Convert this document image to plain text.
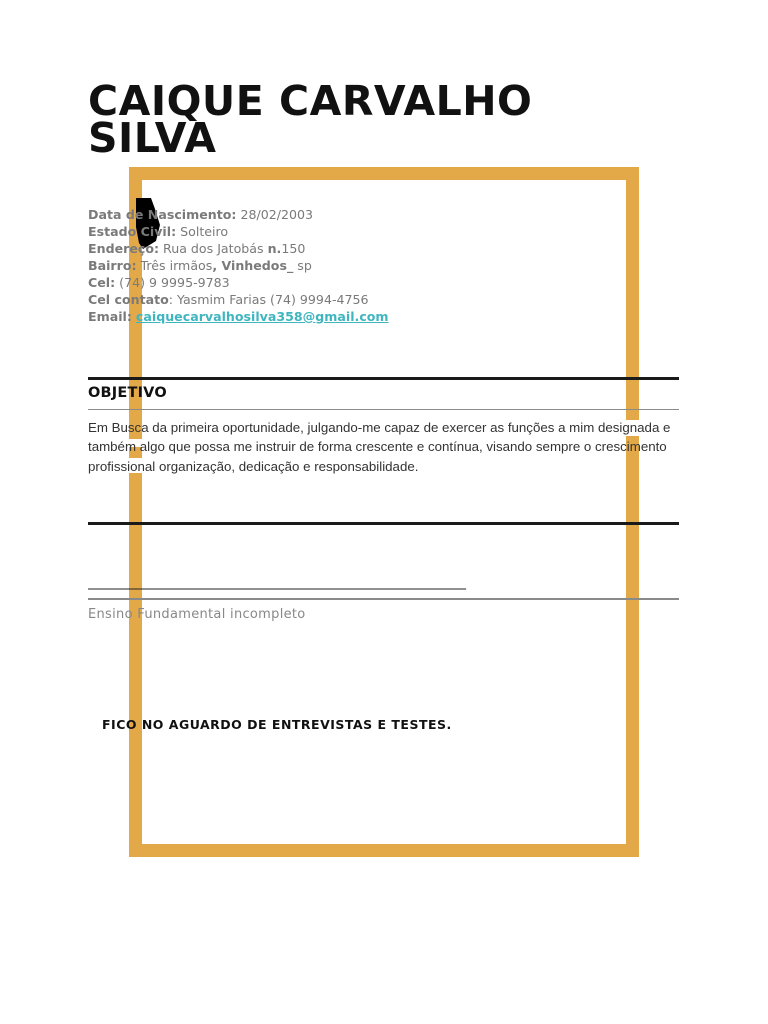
CAIQUE CARVALHO
SILVA
Data de Nascimento: 28/02/2003
Estado Civil: Solteiro
Endereço: Rua dos Jatobás n.150
Bairro: Três irmãos, Vinhedos_ sp
Cel: (74) 9 9995-9783
Cel contato: Yasmim Farias (74) 9994-4756
Email: caiquecarvalhosilva358@gmail.com
OBJETIVO
Em Busca da primeira oportunidade, julgando-me capaz de exercer as funções a mim designada e também algo que possa me instruir de forma crescente e contínua, visando sempre o crescimento profissional organização, dedicação e responsabilidade.
______________________________________________________
Ensino Fundamental incompleto
FICO NO AGUARDO DE ENTREVISTAS E TESTES.
